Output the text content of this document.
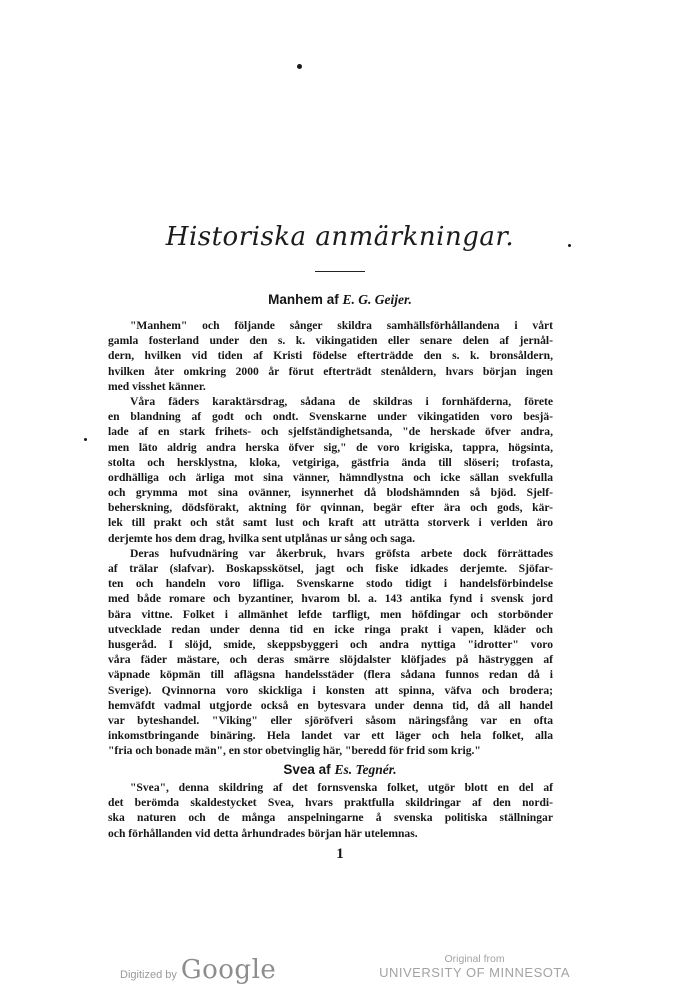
Historiska anmärkningar.
Manhem af E. G. Geijer.
"Manhem" och följande sånger skildra samhällsförhållandena i vårt
gamla fosterland under den s. k. vikingatiden eller senare delen af jernål-
dern, hvilken vid tiden af Kristi födelse efterträdde den s. k. bronsåldern,
hvilken åter omkring 2000 år förut efterträdt stenåldern, hvars början ingen
med visshet känner.
Våra fäders karaktärsdrag, sådana de skildras i fornhäfderna, förete
en blandning af godt och ondt. Svenskarne under vikingatiden voro besjä-
lade af en stark frihets- och sjelfständighetsanda, "de herskade öfver andra,
men läto aldrig andra herska öfver sig," de voro krigiska, tappra, högsinta,
stolta och hersklystna, kloka, vetgiriga, gästfria ända till slöseri; trofasta,
ordhälliga och ärliga mot sina vänner, hämndlystna och icke sällan svekfulla
och grymma mot sina ovänner, isynnerhet då blodshämnden så bjöd. Sjelf-
beherskning, dödsförakt, aktning för qvinnan, begär efter ära och gods, kär-
lek till prakt och ståt samt lust och kraft att uträtta storverk i verlden äro
derjemte hos dem drag, hvilka sent utplånas ur sång och saga.
Deras hufvudnäring var åkerbruk, hvars gröfsta arbete dock förrättades
af trälar (slafvar). Boskapsskötsel, jagt och fiske idkades derjemte. Sjöfar-
ten och handeln voro lifliga. Svenskarne stodo tidigt i handelsförbindelse
med både romare och byzantiner, hvarom bl. a. 143 antika fynd i svensk jord
bära vittne. Folket i allmänhet lefde tarfligt, men höfdingar och storbönder
utvecklade redan under denna tid en icke ringa prakt i vapen, kläder och
husgeråd. I slöjd, smide, skeppsbyggeri och andra nyttiga "idrotter" voro
våra fäder mästare, och deras smärre slöjdalster klöfjades på hästryggen af
väpnade köpmän till aflägsna handelsstäder (flera sådana funnos redan då i
Sverige). Qvinnorna voro skickliga i konsten att spinna, väfva och brodera;
hemväfdt vadmal utgjorde också en bytesvara under denna tid, då all handel
var byteshandel. "Viking" eller sjöröfveri såsom näringsfång var en ofta
inkomstbringande binäring. Hela landet var ett läger och hela folket, alla
"fria och bonade män", en stor obetvinglig här, "beredd för frid som krig."
Svea af Es. Tegnér.
"Svea", denna skildring af det fornsvenska folket, utgör blott en del af
det berömda skaldestycket Svea, hvars praktfulla skildringar af den nordi-
ska naturen och de många anspelningarne å svenska politiska ställningar
och förhållanden vid detta århundrades början här utelemnas.
1
Digitized by Google	Original from
UNIVERSITY OF MINNESOTA
